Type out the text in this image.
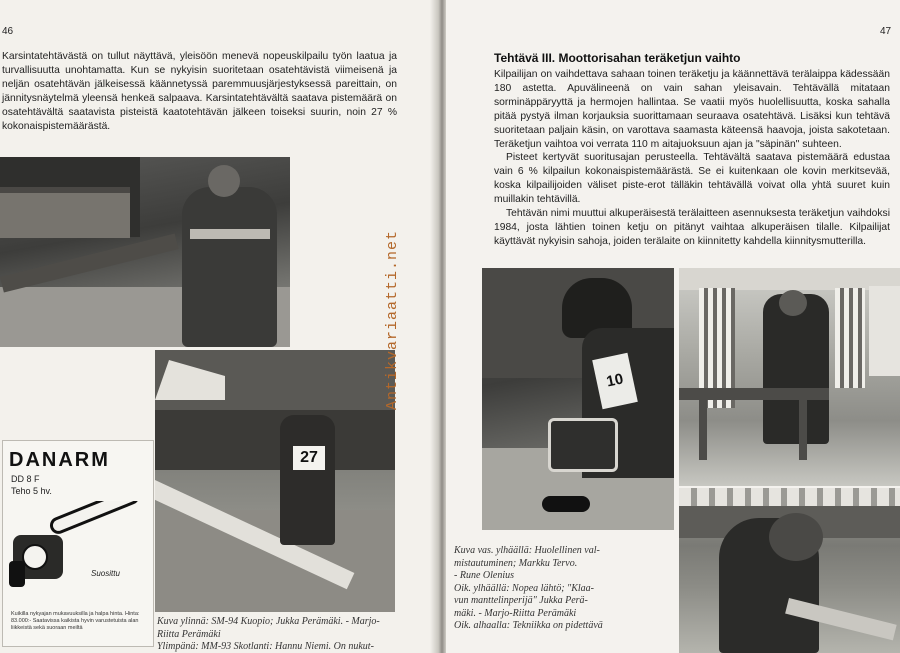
46

Karsintatehtävästä on tullut näyttävä, yleisöön menevä nopeuskilpailu työn laatua ja turvallisuutta unohtamatta. Kun se nykyisin suoritetaan osatehtävistä viimeisenä ja neljän osatehtävän jälkeisessä käännetyssä paremmuusjärjestyksessä pareittain, on jännitysnäytelmä yleensä henkeä salpaava. Karsintatehtävältä saatava pistemäärä on osatehtävältä saatavista pisteistä kaatotehtävän jälkeen toiseksi suurin, noin 27 % kokonaispistemäärästä.

27
DANARM
DD 8 F
Teho 5 hv.
Suosittu
Kuikilla nykyajan mukavuuksilla ja halpa hinta. Hinta: 83.000:- Saatavissa kaikista hyvin varustetuista alan liikkeistä sekä suoraan meiltä
Kuva ylinnä: SM-94 Kuopio; Jukka Perämäki. - Marjo-
Riitta Perämäki
Ylimpänä: MM-93 Skotlanti: Hannu Niemi. On nukut-
Antikvariaatti.net
47
Tehtävä III. Moottorisahan teräketjun vaihto

Kilpailijan on vaihdettava sahaan toinen teräketju ja käännettävä terälaippa kädessään 180 astetta. Apuvälineenä on vain sahan yleisavain. Tehtävällä mitataan sorminäppäryyttä ja hermojen hallintaa. Se vaatii myös huolellisuutta, koska sahalla pitää pystyä ilman korjauksia suorittamaan seuraava osatehtävä. Lisäksi kun tehtävä suoritetaan paljain käsin, on varottava saamasta käteensä haavoja, joista sakotetaan. Teräketjun vaihtoa voi verrata 110 m aitajuoksuun ajan ja "säpinän" suhteen.

Pisteet kertyvät suoritusajan perusteella. Tehtävältä saatava pistemäärä edustaa vain 6 % kilpailun kokonaispistemäärästä. Se ei kuitenkaan ole kovin merkitsevää, koska kilpailijoiden väliset piste-erot tälläkin tehtävällä voivat olla yhtä suuret kuin muillakin tehtävillä.

Tehtävän nimi muuttui alkuperäisestä terälaitteen asennuksesta teräketjun vaihdoksi 1984, josta lähtien toinen ketju on pitänyt vaihtaa alkuperäisen tilalle. Kilpailijat käyttävät nykyisin sahoja, joiden terälaite on kiinnitetty kahdella kiinnitysmutterilla.

10
Kuva vas. ylhäällä: Huolellinen val-
mistautuminen; Markku Tervo.
- Rune Olenius
Oik. ylhäällä: Nopea lähtö; "Klaa-
vun manttelinperijä" Jukka Perä-
mäki. - Marjo-Riitta Perämäki
Oik. alhaalla: Tekniikka on pidettävä
